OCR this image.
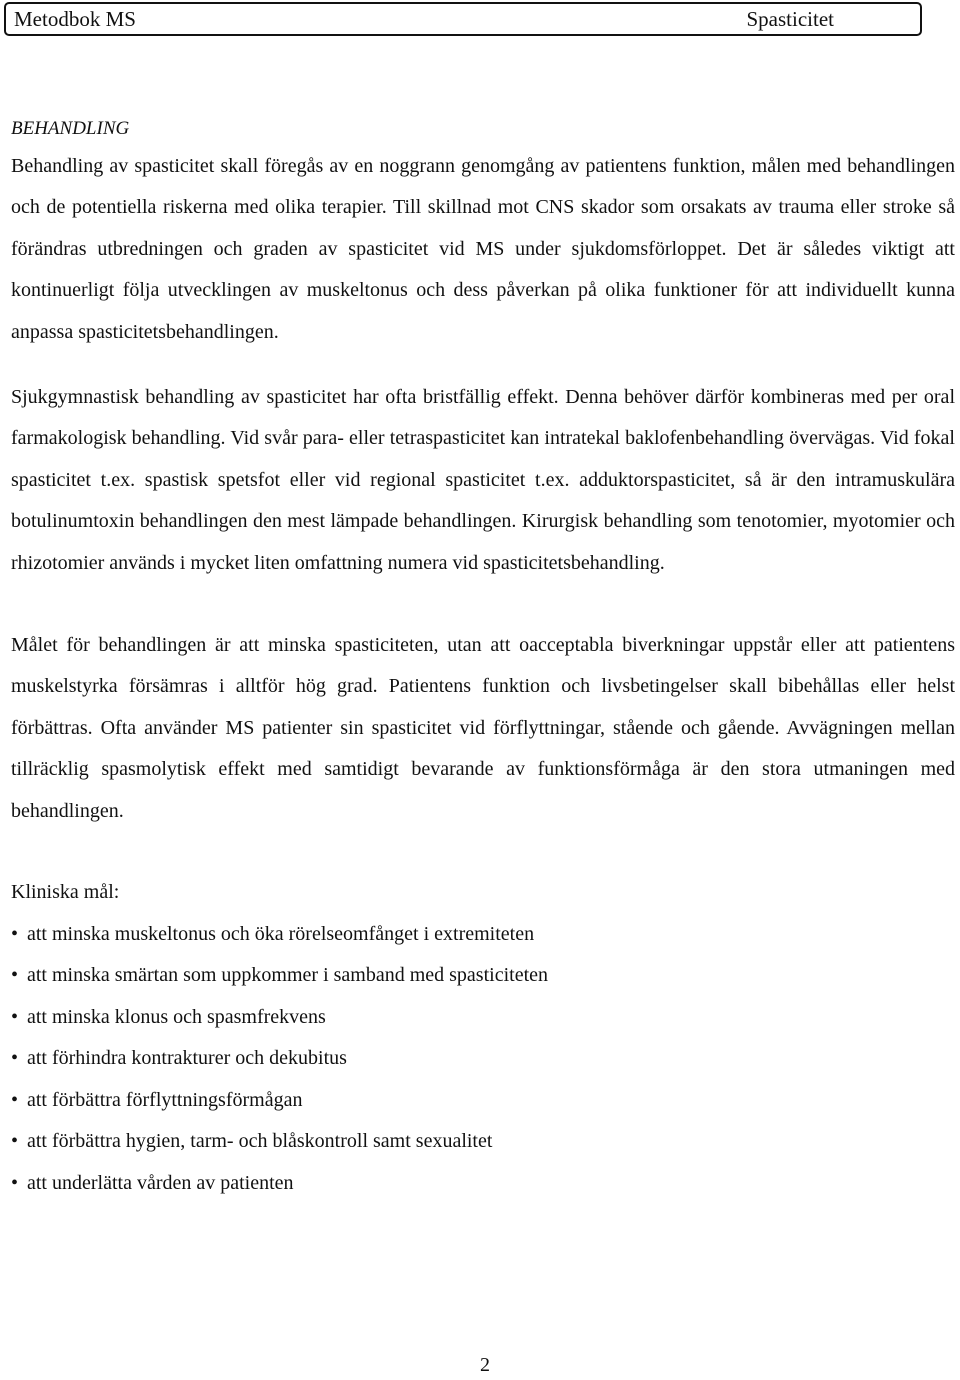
Metodbok MS	Spasticitet
BEHANDLING

Behandling av spasticitet skall föregås av en noggrann genomgång av patientens funktion, målen med behandlingen och de potentiella riskerna med olika terapier. Till skillnad mot CNS skador som orsakats av trauma eller stroke så förändras utbredningen och graden av spasticitet vid MS under sjukdomsförloppet. Det är således viktigt att kontinuerligt följa utvecklingen av muskeltonus och dess påverkan på olika funktioner för att individuellt kunna anpassa spasticitetsbehandlingen.

Sjukgymnastisk behandling av spasticitet har ofta bristfällig effekt. Denna behöver därför kombineras med per oral farmakologisk behandling. Vid svår para- eller tetraspasticitet kan intratekal baklofenbehandling övervägas. Vid fokal spasticitet t.ex. spastisk spetsfot eller vid regional spasticitet t.ex. adduktorspasticitet, så är den intramuskulära botulinumtoxin behandlingen den mest lämpade behandlingen. Kirurgisk behandling som tenotomier, myotomier och rhizotomier används i mycket liten omfattning numera vid spasticitetsbehandling.

Målet för behandlingen är att minska spasticiteten, utan att oacceptabla biverkningar uppstår eller att patientens muskelstyrka försämras i alltför hög grad. Patientens funktion och livsbetingelser skall bibehållas eller helst förbättras. Ofta använder MS patienter sin spasticitet vid förflyttningar, stående och gående. Avvägningen mellan tillräcklig spasmolytisk effekt med samtidigt bevarande av funktionsförmåga är den stora utmaningen med behandlingen.

Kliniska mål:

• att minska muskeltonus och öka rörelseomfånget i extremiteten
• att minska smärtan som uppkommer i samband med spasticiteten
• att minska klonus och spasmfrekvens
• att förhindra kontrakturer och dekubitus
• att förbättra förflyttningsförmågan
• att förbättra hygien, tarm- och blåskontroll samt sexualitet
• att underlätta vården av patienten
2
